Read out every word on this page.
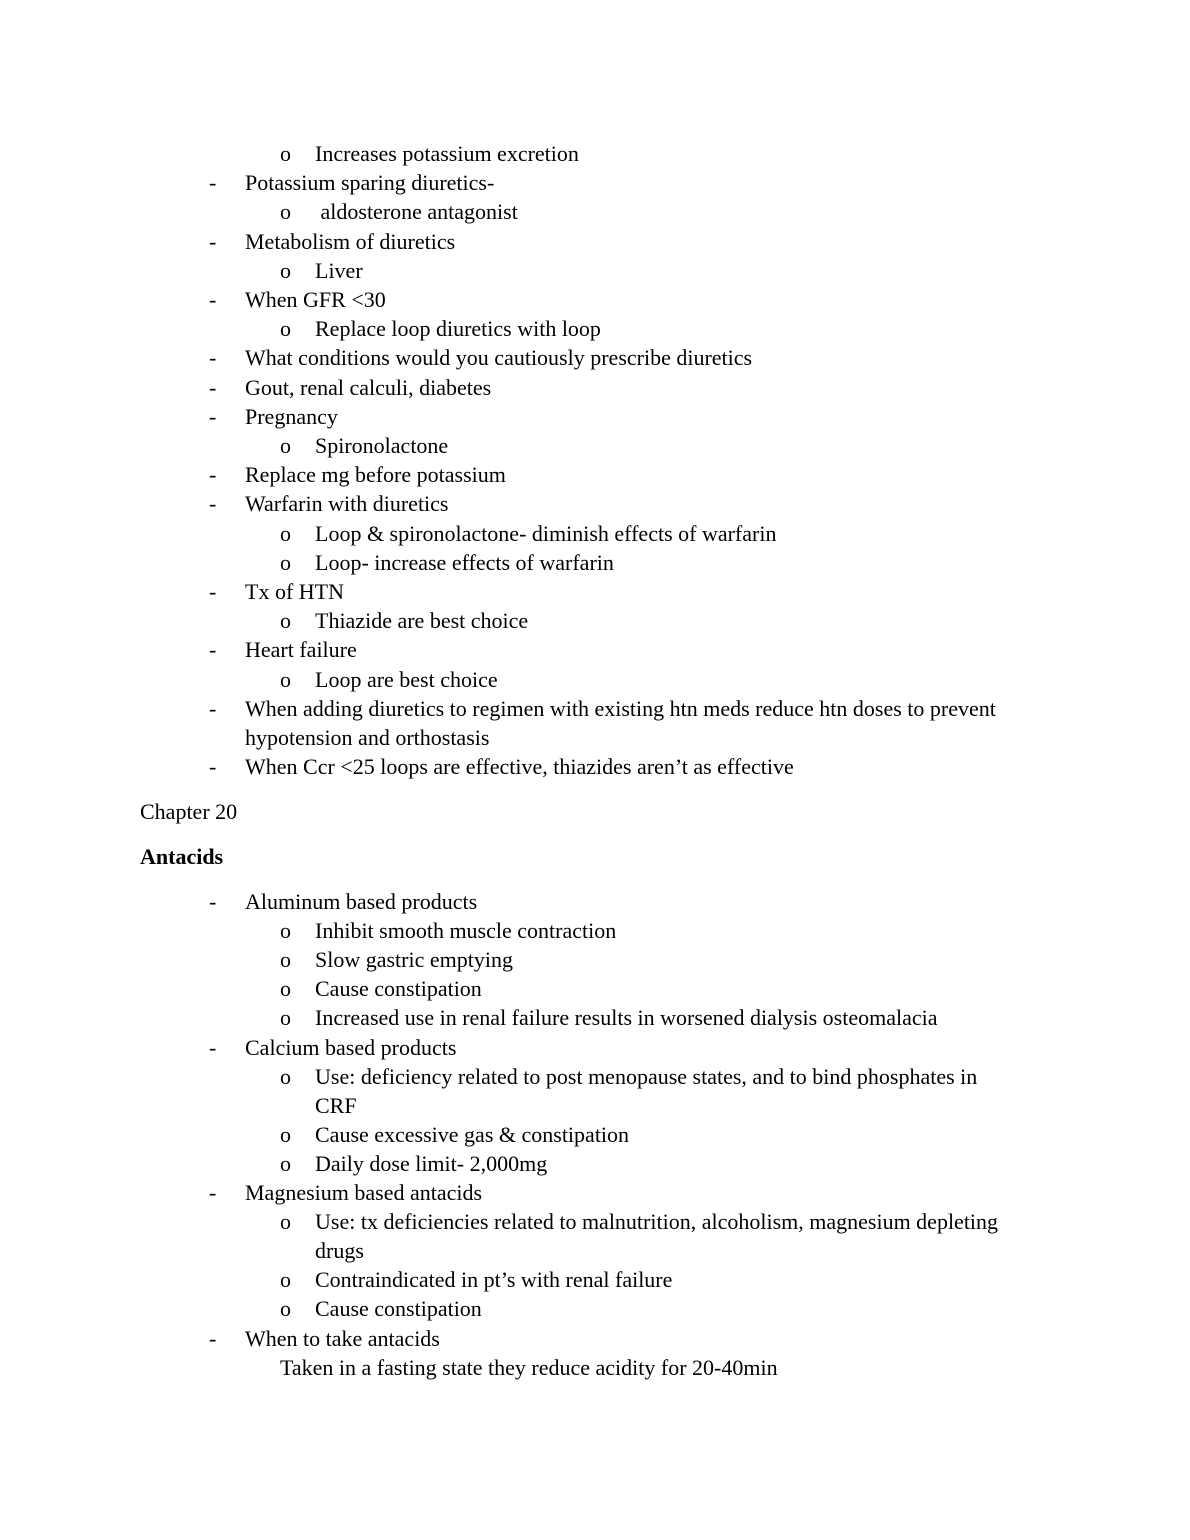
o Increases potassium excretion
- Potassium sparing diuretics-
o aldosterone antagonist
- Metabolism of diuretics
o Liver
- When GFR <30
o Replace loop diuretics with loop
- What conditions would you cautiously prescribe diuretics
- Gout, renal calculi, diabetes
- Pregnancy
o Spironolactone
- Replace mg before potassium
- Warfarin with diuretics
o Loop & spironolactone- diminish effects of warfarin
o Loop- increase effects of warfarin
- Tx of HTN
o Thiazide are best choice
- Heart failure
o Loop are best choice
- When adding diuretics to regimen with existing htn meds reduce htn doses to prevent
hypotension and orthostasis
- When Ccr <25 loops are effective, thiazides aren’t as effective
Chapter 20
Antacids
- Aluminum based products
o Inhibit smooth muscle contraction
o Slow gastric emptying
o Cause constipation
o Increased use in renal failure results in worsened dialysis osteomalacia
- Calcium based products
o Use: deficiency related to post menopause states, and to bind phosphates in
CRF
o Cause excessive gas & constipation
o Daily dose limit- 2,000mg
- Magnesium based antacids
o Use: tx deficiencies related to malnutrition, alcoholism, magnesium depleting
drugs
o Contraindicated in pt’s with renal failure
o Cause constipation
- When to take antacids
Taken in a fasting state they reduce acidity for 20-40min
